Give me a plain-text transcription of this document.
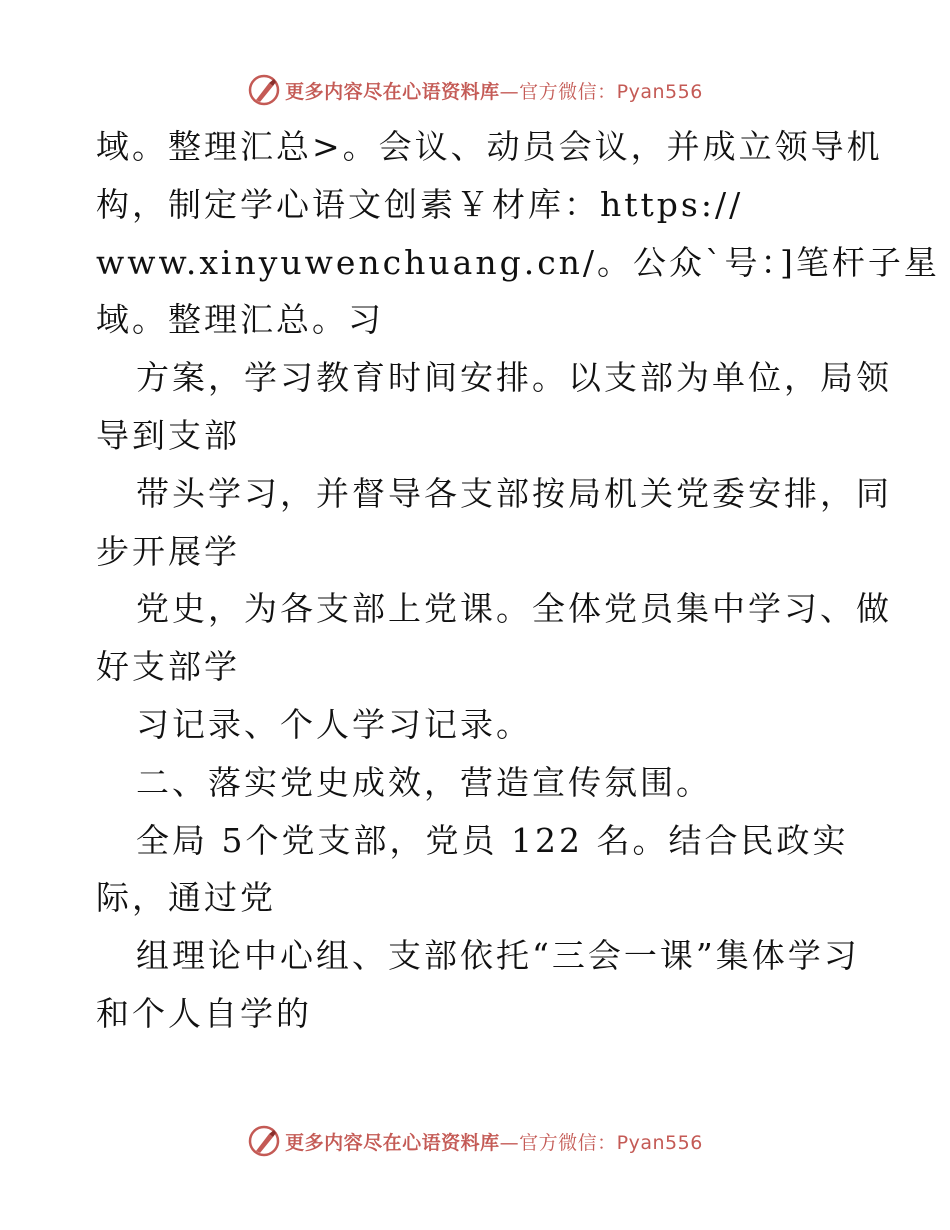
更多内容尽在心语资料库—官方微信：Pyan556
域。整理汇总>。会议、动员会议，并成立领导机
构，制定学心语文创素￥材库：https://
www.xinyuwenchuang.cn/。公众`号：]笔杆子星
域。整理汇总。习
方案，学习教育时间安排。以支部为单位，局领
导到支部
带头学习，并督导各支部按局机关党委安排，同
步开展学
党史，为各支部上党课。全体党员集中学习、做
好支部学
习记录、个人学习记录。
二、落实党史成效，营造宣传氛围。
全局 5个党支部，党员 122 名。结合民政实
际，通过党
组理论中心组、支部依托“三会一课”集体学习
和个人自学的
更多内容尽在心语资料库—官方微信：Pyan556
